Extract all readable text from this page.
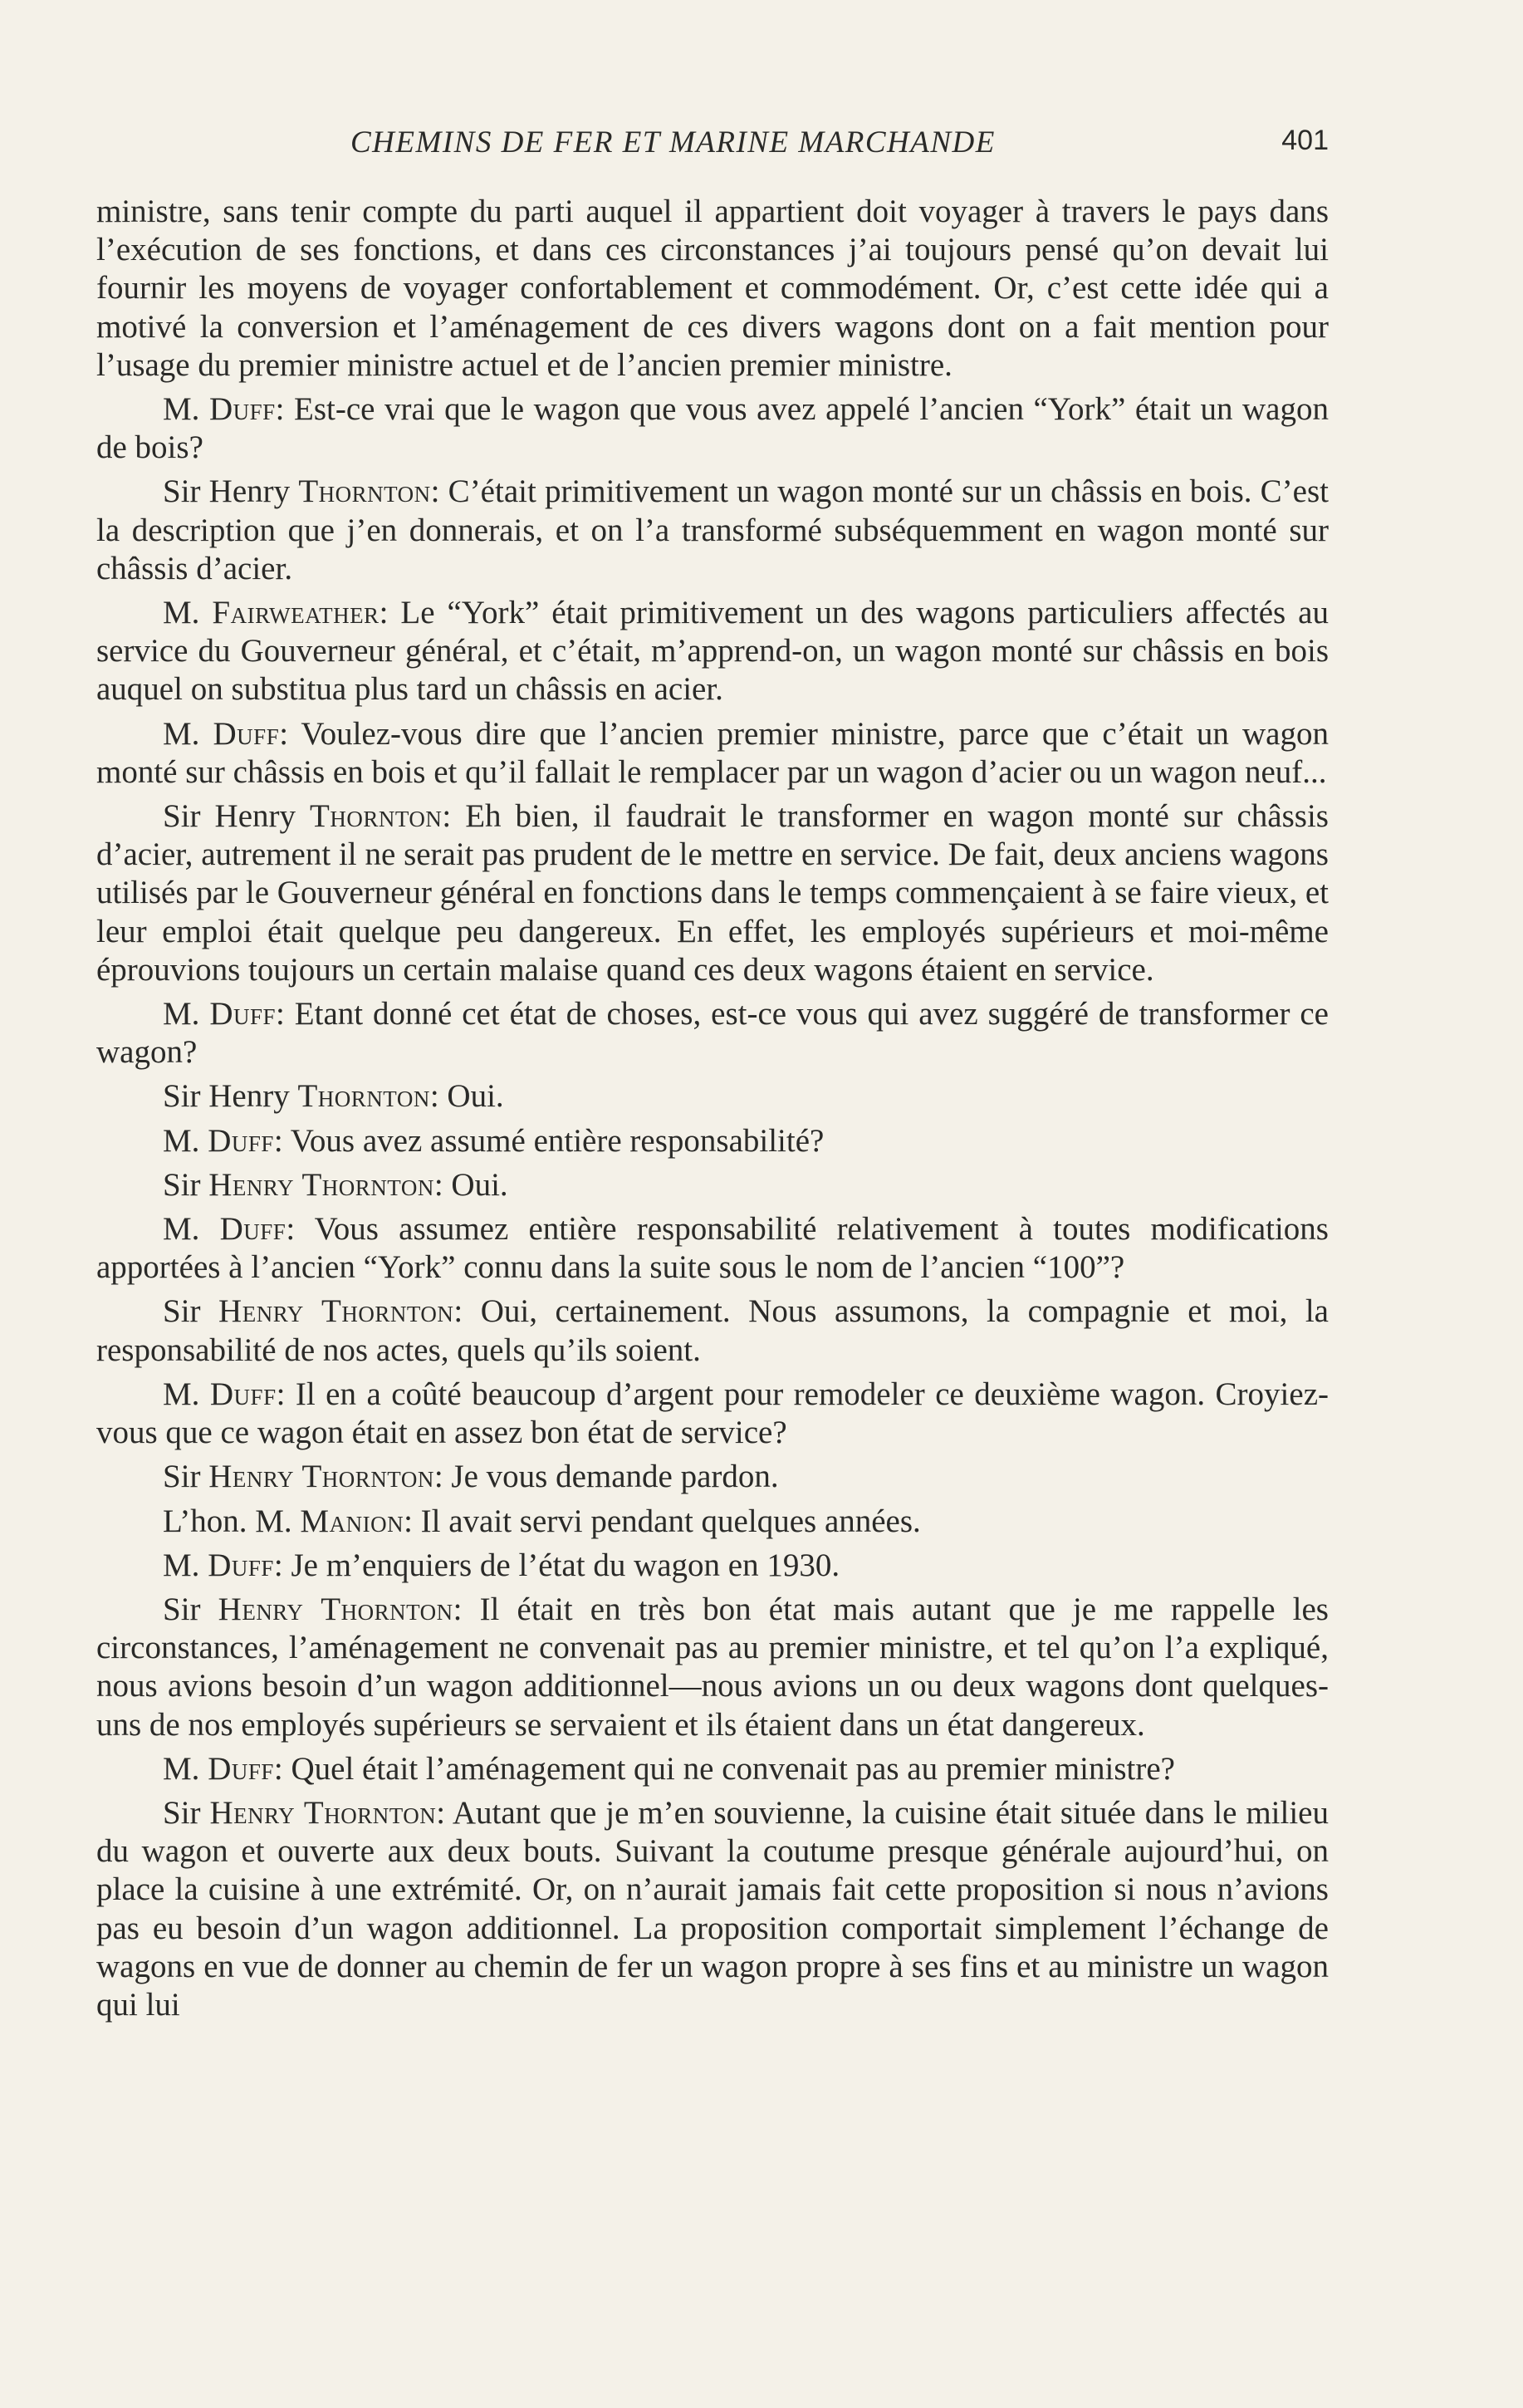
CHEMINS DE FER ET MARINE MARCHANDE	401

ministre, sans tenir compte du parti auquel il appartient doit voyager à travers le pays dans l’exécution de ses fonctions, et dans ces circonstances j’ai toujours pensé qu’on devait lui fournir les moyens de voyager confortablement et commodément. Or, c’est cette idée qui a motivé la conversion et l’aménagement de ces divers wagons dont on a fait mention pour l’usage du premier ministre actuel et de l’ancien premier ministre.

M. Duff: Est-ce vrai que le wagon que vous avez appelé l’ancien “York” était un wagon de bois?

Sir Henry Thornton: C’était primitivement un wagon monté sur un châssis en bois. C’est la description que j’en donnerais, et on l’a transformé subséquemment en wagon monté sur châssis d’acier.

M. Fairweather: Le “York” était primitivement un des wagons particuliers affectés au service du Gouverneur général, et c’était, m’apprend-on, un wagon monté sur châssis en bois auquel on substitua plus tard un châssis en acier.

M. Duff: Voulez-vous dire que l’ancien premier ministre, parce que c’était un wagon monté sur châssis en bois et qu’il fallait le remplacer par un wagon d’acier ou un wagon neuf...

Sir Henry Thornton: Eh bien, il faudrait le transformer en wagon monté sur châssis d’acier, autrement il ne serait pas prudent de le mettre en service. De fait, deux anciens wagons utilisés par le Gouverneur général en fonctions dans le temps commençaient à se faire vieux, et leur emploi était quelque peu dangereux. En effet, les employés supérieurs et moi-même éprouvions toujours un certain malaise quand ces deux wagons étaient en service.

M. Duff: Etant donné cet état de choses, est-ce vous qui avez suggéré de transformer ce wagon?

Sir Henry Thornton: Oui.

M. Duff: Vous avez assumé entière responsabilité?

Sir Henry Thornton: Oui.

M. Duff: Vous assumez entière responsabilité relativement à toutes modifications apportées à l’ancien “York” connu dans la suite sous le nom de l’ancien “100”?

Sir Henry Thornton: Oui, certainement. Nous assumons, la compagnie et moi, la responsabilité de nos actes, quels qu’ils soient.

M. Duff: Il en a coûté beaucoup d’argent pour remodeler ce deuxième wagon. Croyiez-vous que ce wagon était en assez bon état de service?

Sir Henry Thornton: Je vous demande pardon.

L’hon. M. Manion: Il avait servi pendant quelques années.

M. Duff: Je m’enquiers de l’état du wagon en 1930.

Sir Henry Thornton: Il était en très bon état mais autant que je me rappelle les circonstances, l’aménagement ne convenait pas au premier ministre, et tel qu’on l’a expliqué, nous avions besoin d’un wagon additionnel—nous avions un ou deux wagons dont quelques-uns de nos employés supérieurs se servaient et ils étaient dans un état dangereux.

M. Duff: Quel était l’aménagement qui ne convenait pas au premier ministre?

Sir Henry Thornton: Autant que je m’en souvienne, la cuisine était située dans le milieu du wagon et ouverte aux deux bouts. Suivant la coutume presque générale aujourd’hui, on place la cuisine à une extrémité. Or, on n’aurait jamais fait cette proposition si nous n’avions pas eu besoin d’un wagon additionnel. La proposition comportait simplement l’échange de wagons en vue de donner au chemin de fer un wagon propre à ses fins et au ministre un wagon qui lui
